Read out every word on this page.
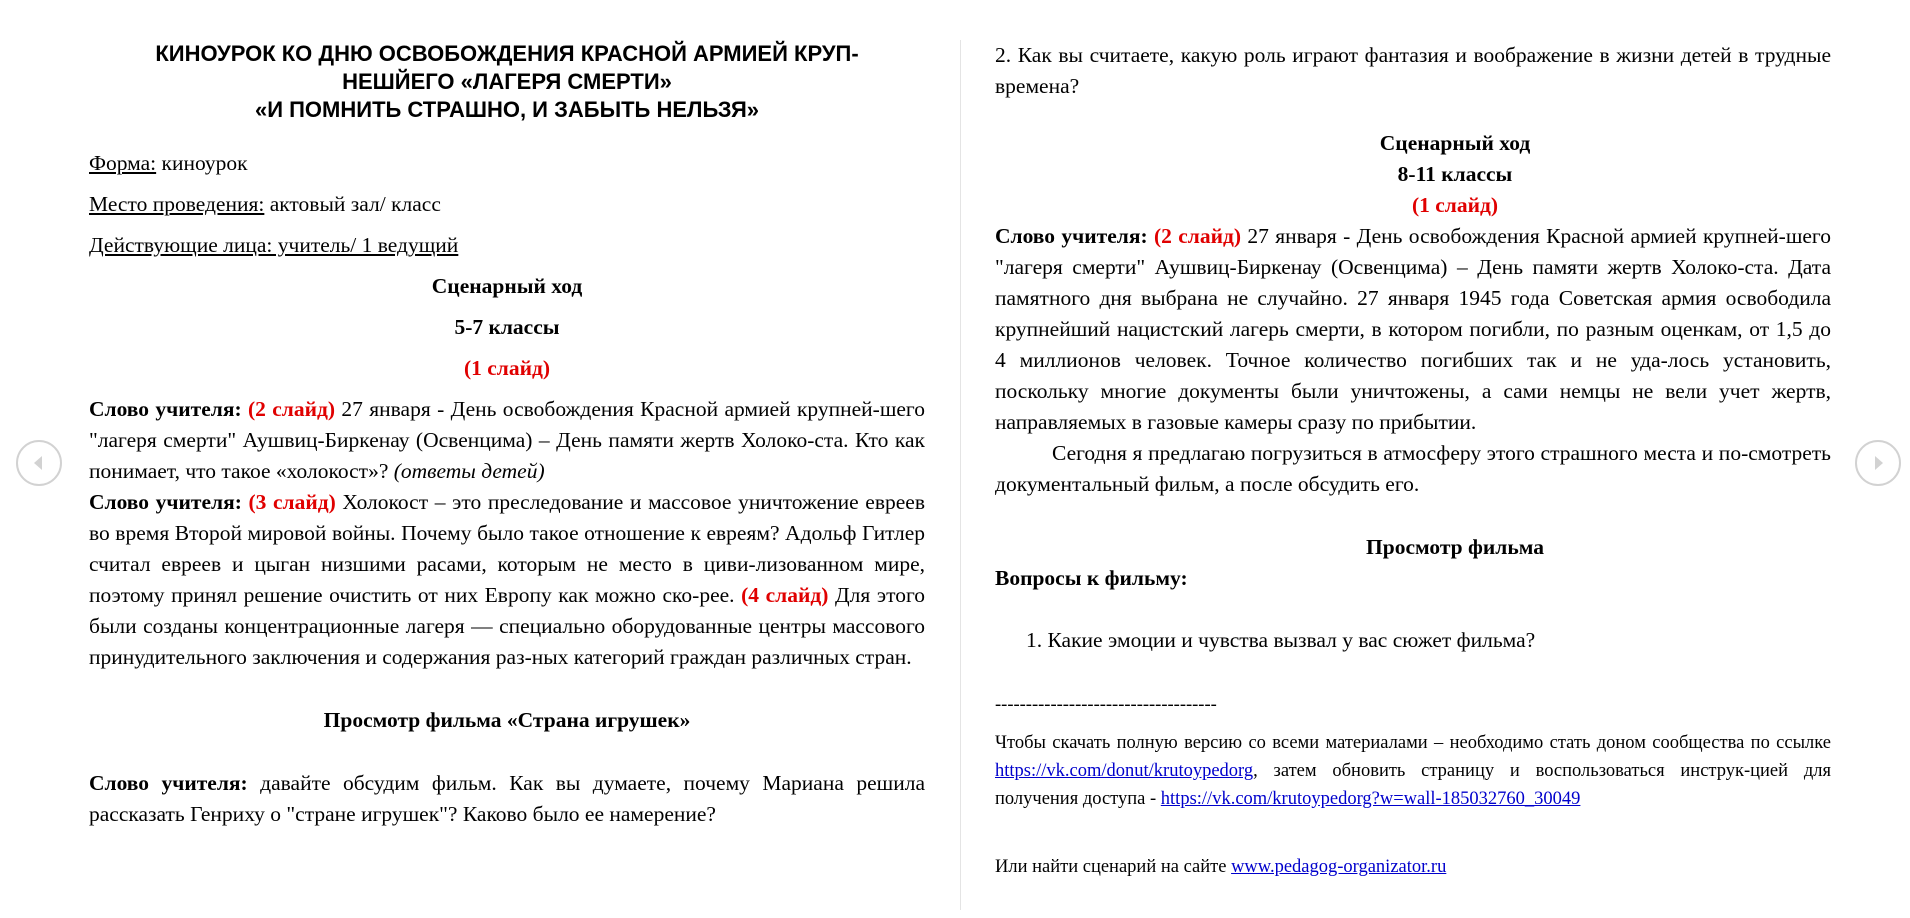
КИНОУРОК КО ДНЮ ОСВОБОЖДЕНИЯ КРАСНОЙ АРМИЕЙ КРУП-
НЕШЙЕГО «ЛАГЕРЯ СМЕРТИ»
«И ПОМНИТЬ СТРАШНО, И ЗАБЫТЬ НЕЛЬЗЯ»

Форма: киноурок

Место проведения: актовый зал/ класс

Действующие лица: учитель/ 1 ведущий

Сценарный ход

5-7 классы

(1 слайд)

Слово учителя: (2 слайд) 27 января - День освобождения Красной армией крупней-шего "лагеря смерти" Аушвиц-Биркенау (Освенцима) – День памяти жертв Холоко-ста. Кто как понимает, что такое «холокост»? (ответы детей)

Слово учителя: (3 слайд) Холокост – это преследование и массовое уничтожение евреев во время Второй мировой войны. Почему было такое отношение к евреям? Адольф Гитлер считал евреев и цыган низшими расами, которым не место в циви-лизованном мире, поэтому принял решение очистить от них Европу как можно ско-рее. (4 слайд) Для этого были созданы концентрационные лагеря — специально оборудованные центры массового принудительного заключения и содержания раз-ных категорий граждан различных стран.

Просмотр фильма «Страна игрушек»

Слово учителя: давайте обсудим фильм. Как вы думаете, почему Мариана решила рассказать Генриху о "стране игрушек"? Каково было ее намерение?

2. Как вы считаете, какую роль играют фантазия и воображение в жизни детей в трудные времена?

Сценарный ход

8-11 классы

(1 слайд)

Слово учителя: (2 слайд) 27 января - День освобождения Красной армией крупней-шего "лагеря смерти" Аушвиц-Биркенау (Освенцима) – День памяти жертв Холоко-ста. Дата памятного дня выбрана не случайно. 27 января 1945 года Советская армия освободила крупнейший нацистский лагерь смерти, в котором погибли, по разным оценкам, от 1,5 до 4 миллионов человек. Точное количество погибших так и не уда-лось установить, поскольку многие документы были уничтожены, а сами немцы не вели учет жертв, направляемых в газовые камеры сразу по прибытии.

Сегодня я предлагаю погрузиться в атмосферу этого страшного места и по-смотреть документальный фильм, а после обсудить его.

Просмотр фильма

Вопросы к фильму:

1. Какие эмоции и чувства вызвал у вас сюжет фильма?

------------------------------------

Чтобы скачать полную версию со всеми материалами – необходимо стать доном сообщества по ссылке https://vk.com/donut/krutoypedorg, затем обновить страницу и воспользоваться инструк-цией для получения доступа - https://vk.com/krutoypedorg?w=wall-185032760_30049

Или найти сценарий на сайте www.pedagog-organizator.ru
